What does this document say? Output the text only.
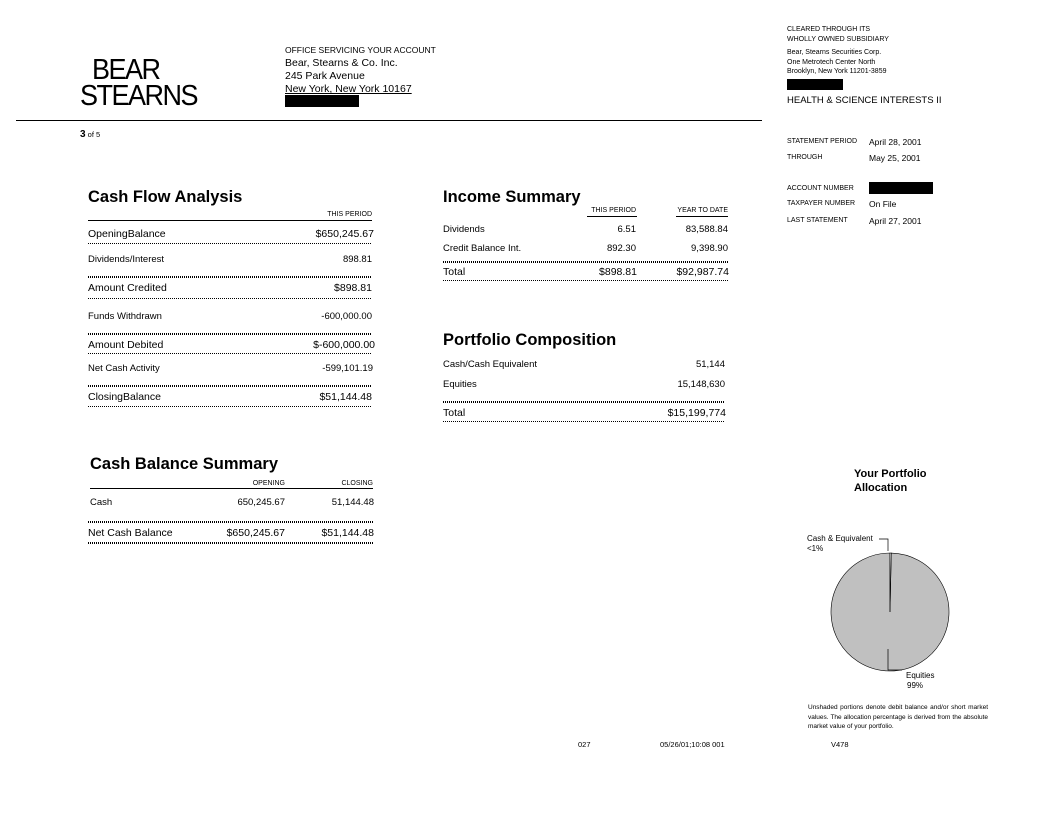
BEAR
STEARNS
OFFICE SERVICING YOUR ACCOUNT
Bear, Stearns & Co. Inc.
245 Park Avenue
New York, New York 10167
3 of 5
CLEARED THROUGH ITS
WHOLLY OWNED SUBSIDIARY
Bear, Stearns Securities Corp.
One Metrotech Center North
Brooklyn, New York 11201-3859
HEALTH & SCIENCE INTERESTS II
STATEMENT PERIOD April 28, 2001
THROUGH	May 25, 2001
ACCOUNT NUMBER
TAXPAYER NUMBER On File
LAST STATEMENT	April 27, 2001
Cash Flow Analysis
THIS PERIOD
OpeningBalance	$650,245.67
Dividends/Interest	898.81
Amount Credited	$898.81
Funds Withdrawn	-600,000.00
Amount Debited	$-600,000.00
Net Cash Activity	-599,101.19
ClosingBalance	$51,144.48
Income Summary
THIS PERIOD	YEAR TO DATE
Dividends	6.51	83,588.84
Credit Balance Int.	892.30	9,398.90
Total	$898.81	$92,987.74
Portfolio Composition
Cash/Cash Equivalent	51,144
Equities	15,148,630
Total	$15,199,774
Cash Balance Summary
OPENING	CLOSING
Cash	650,245.67	51,144.48
Net Cash Balance	$650,245.67	$51,144.48
Your Portfolio
Allocation
Cash & Equivalent
<1%
Equities
99%
Unshaded portions denote debit balance and/or short market values. The allocation percentage is derived from the absolute market value of your portfolio.
027	05/26/01;10:08 001	V478
